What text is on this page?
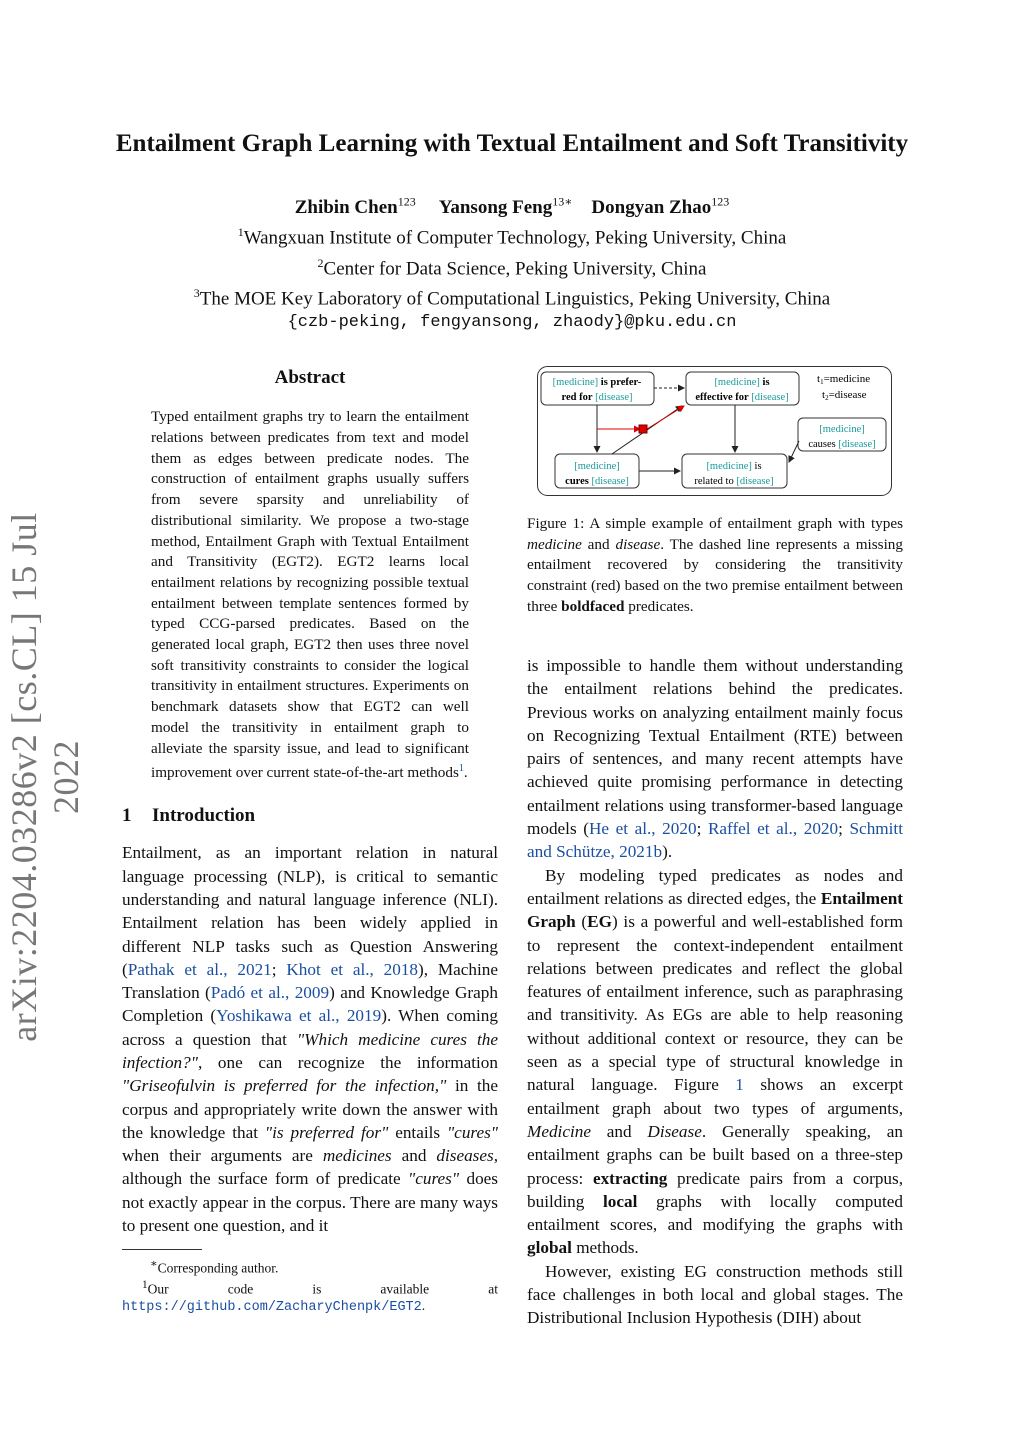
Entailment Graph Learning with Textual Entailment and Soft Transitivity
Zhibin Chen$^{123}$ Yansong Feng$^{13∗}$ Dongyan Zhao$^{123}$
$^1$Wangxuan Institute of Computer Technology, Peking University, China
$^2$Center for Data Science, Peking University, China
$^3$The MOE Key Laboratory of Computational Linguistics, Peking University, China
{czb-peking, fengyansong, zhaody}@pku.edu.cn
arXiv:2204.03286v2 [cs.CL] 15 Jul 2022
Abstract
Typed entailment graphs try to learn the entailment relations between predicates from text and model them as edges between predicate nodes. The construction of entailment graphs usually suffers from severe sparsity and unreliability of distributional similarity. We propose a two-stage method, Entailment Graph with Textual Entailment and Transitivity (EGT2). EGT2 learns local entailment relations by recognizing possible textual entailment between template sentences formed by typed CCG-parsed predicates. Based on the generated local graph, EGT2 then uses three novel soft transitivity constraints to consider the logical transitivity in entailment structures. Experiments on benchmark datasets show that EGT2 can well model the transitivity in entailment graph to alleviate the sparsity issue, and lead to significant improvement over current state-of-the-art methods$^1$.
1 Introduction

Entailment, as an important relation in natural language processing (NLP), is critical to semantic understanding and natural language inference (NLI). Entailment relation has been widely applied in different NLP tasks such as Question Answering (Pathak et al., 2021; Khot et al., 2018), Machine Translation (Padó et al., 2009) and Knowledge Graph Completion (Yoshikawa et al., 2019). When coming across a question that "Which medicine cures the infection?", one can recognize the information "Griseofulvin is preferred for the infection," in the corpus and appropriately write down the answer with the knowledge that "is preferred for" entails "cures" when their arguments are medicines and diseases, although the surface form of predicate "cures" does not exactly appear in the corpus. There are many ways to present one question, and it

∗Corresponding author.
$^1$Our code is available at https://github.com/ZacharyChenpk/EGT2.
[medicine] is prefer-
red for [disease]
[medicine] is
effective for [disease]
[medicine]
causes [disease]
[medicine]
cures [disease]
[medicine] is
related to [disease]
t1=medicine
t2=disease
Figure 1: A simple example of entailment graph with types medicine and disease. The dashed line represents a missing entailment recovered by considering the transitivity constraint (red) based on the two premise entailment between three boldfaced predicates.

is impossible to handle them without understanding the entailment relations behind the predicates. Previous works on analyzing entailment mainly focus on Recognizing Textual Entailment (RTE) between pairs of sentences, and many recent attempts have achieved quite promising performance in detecting entailment relations using transformer-based language models (He et al., 2020; Raffel et al., 2020; Schmitt and Schütze, 2021b).

By modeling typed predicates as nodes and entailment relations as directed edges, the Entailment Graph (EG) is a powerful and well-established form to represent the context-independent entailment relations between predicates and reflect the global features of entailment inference, such as paraphrasing and transitivity. As EGs are able to help reasoning without additional context or resource, they can be seen as a special type of structural knowledge in natural language. Figure 1 shows an excerpt entailment graph about two types of arguments, Medicine and Disease. Generally speaking, an entailment graphs can be built based on a three-step process: extracting predicate pairs from a corpus, building local graphs with locally computed entailment scores, and modifying the graphs with global methods.

However, existing EG construction methods still face challenges in both local and global stages. The Distributional Inclusion Hypothesis (DIH) about
